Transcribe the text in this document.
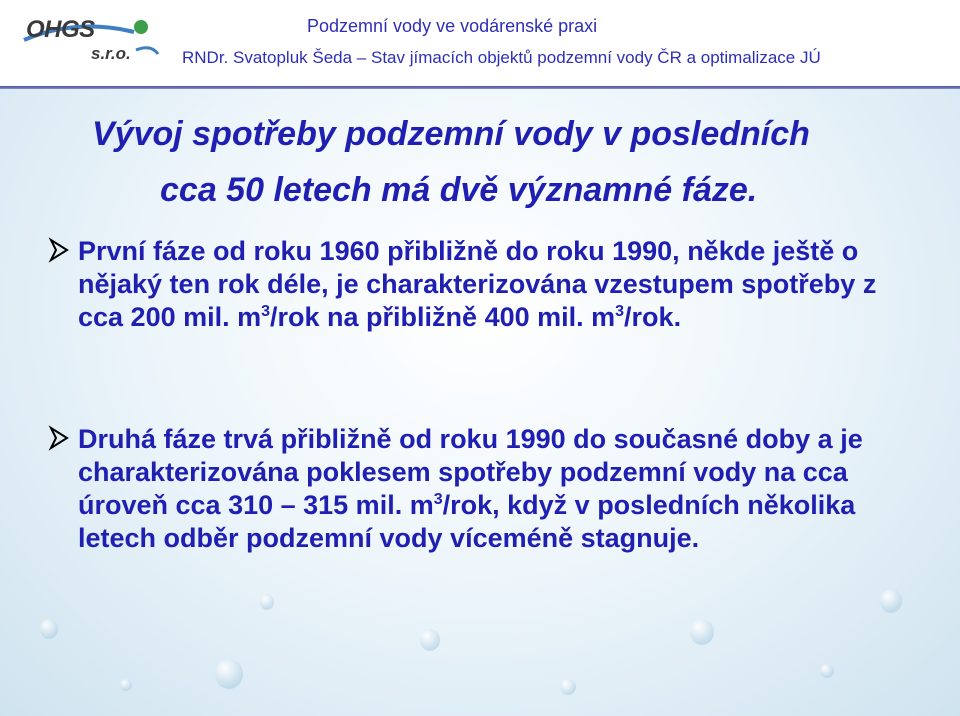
OHGS
s.r.o.
Podzemní vody ve vodárenské praxi
RNDr. Svatopluk Šeda – Stav jímacích objektů podzemní vody ČR a optimalizace JÚ
Vývoj spotřeby podzemní vody v posledních
cca 50 letech má dvě významné fáze.
První fáze od roku 1960 přibližně do roku 1990, někde ještě o nějaký ten rok déle, je charakterizována vzestupem spotřeby z cca 200 mil. $m^3$/rok na přibližně 400 mil. $m^3$/rok.
Druhá fáze trvá přibližně od roku 1990 do současné doby a je charakterizována poklesem spotřeby podzemní vody na cca úroveň cca 310 – 315 mil. $m^3$/rok, když v posledních několika letech odběr podzemní vody víceméně stagnuje.
